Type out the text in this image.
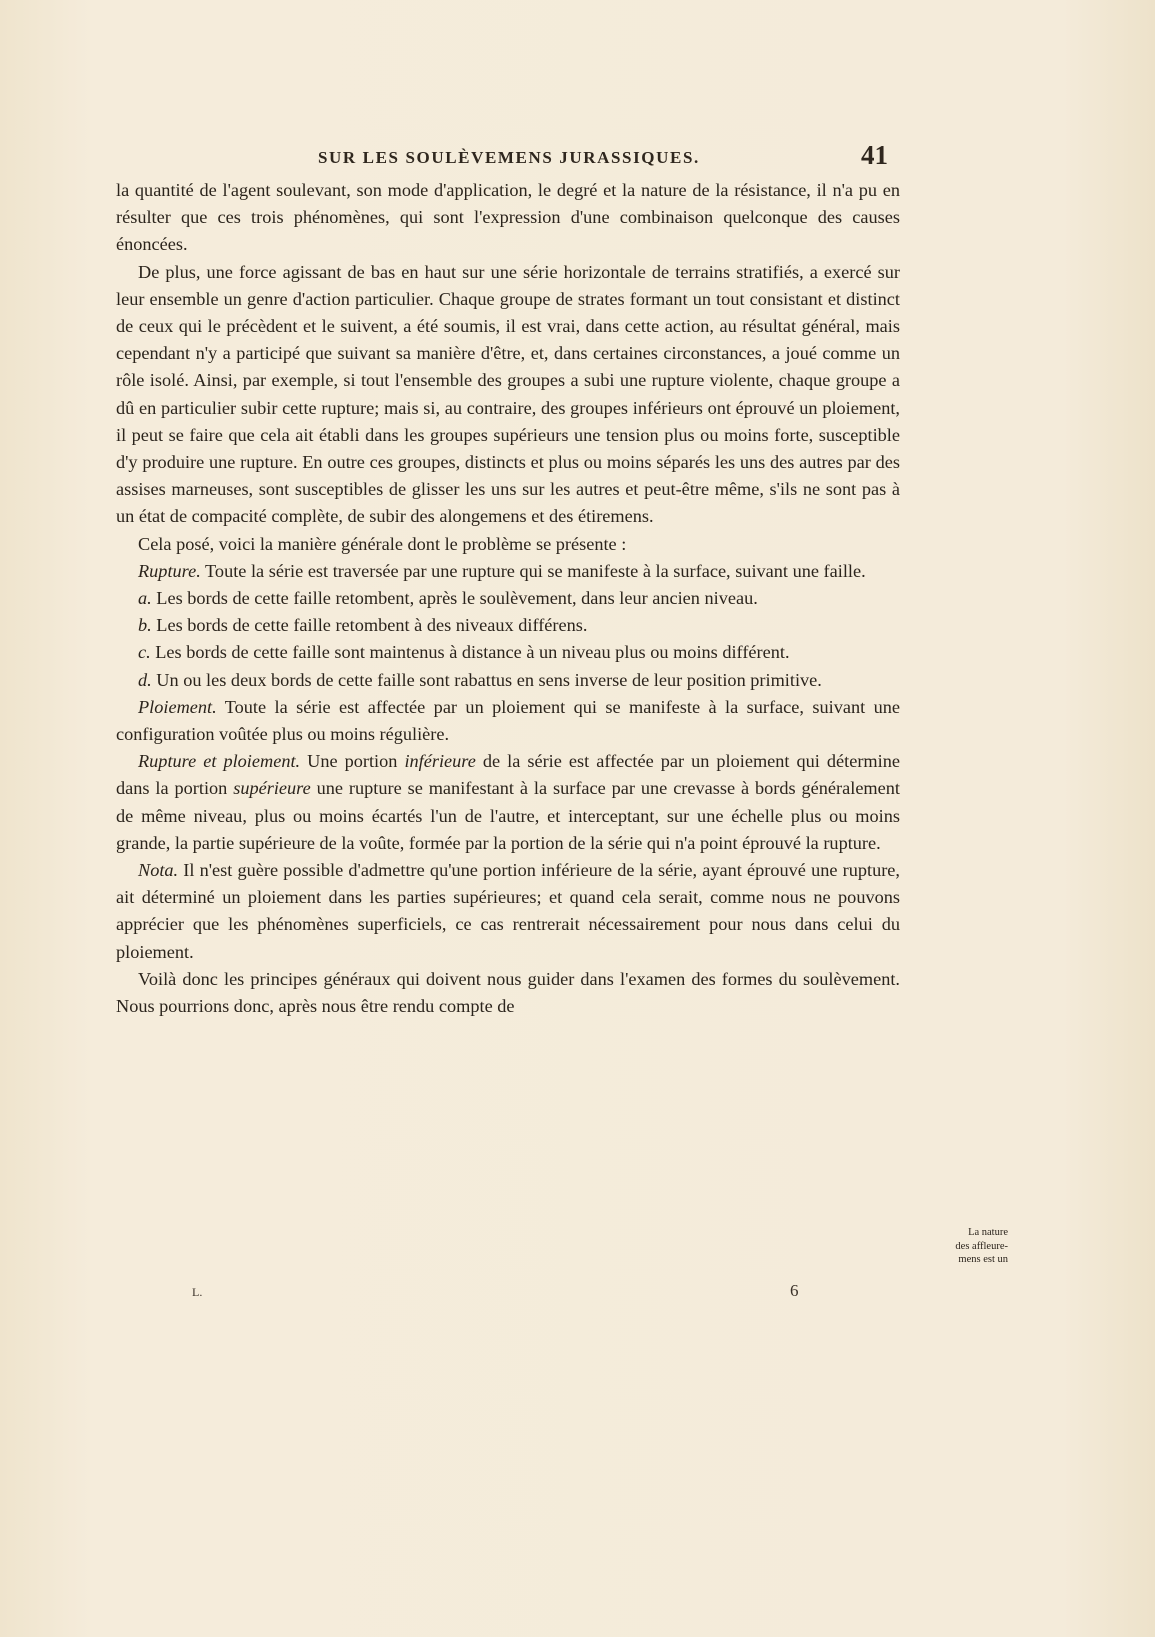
SUR LES SOULÈVEMENS JURASSIQUES.	41

la quantité de l'agent soulevant, son mode d'application, le degré et la nature de la résistance, il n'a pu en résulter que ces trois phénomènes, qui sont l'expression d'une combinaison quelconque des causes énoncées.

De plus, une force agissant de bas en haut sur une série horizontale de terrains stratifiés, a exercé sur leur ensemble un genre d'action particulier. Chaque groupe de strates formant un tout consistant et distinct de ceux qui le précèdent et le suivent, a été soumis, il est vrai, dans cette action, au résultat général, mais cependant n'y a participé que suivant sa manière d'être, et, dans certaines circonstances, a joué comme un rôle isolé. Ainsi, par exemple, si tout l'ensemble des groupes a subi une rupture violente, chaque groupe a dû en particulier subir cette rupture; mais si, au contraire, des groupes inférieurs ont éprouvé un ploiement, il peut se faire que cela ait établi dans les groupes supérieurs une tension plus ou moins forte, susceptible d'y produire une rupture. En outre ces groupes, distincts et plus ou moins séparés les uns des autres par des assises marneuses, sont susceptibles de glisser les uns sur les autres et peut-être même, s'ils ne sont pas à un état de compacité complète, de subir des alongemens et des étiremens.

Cela posé, voici la manière générale dont le problème se présente :

Rupture. Toute la série est traversée par une rupture qui se manifeste à la surface, suivant une faille.

a. Les bords de cette faille retombent, après le soulèvement, dans leur ancien niveau.

b. Les bords de cette faille retombent à des niveaux différens.

c. Les bords de cette faille sont maintenus à distance à un niveau plus ou moins différent.

d. Un ou les deux bords de cette faille sont rabattus en sens inverse de leur position primitive.

Ploiement. Toute la série est affectée par un ploiement qui se manifeste à la surface, suivant une configuration voûtée plus ou moins régulière.

Rupture et ploiement. Une portion inférieure de la série est affectée par un ploiement qui détermine dans la portion supérieure une rupture se manifestant à la surface par une crevasse à bords généralement de même niveau, plus ou moins écartés l'un de l'autre, et interceptant, sur une échelle plus ou moins grande, la partie supérieure de la voûte, formée par la portion de la série qui n'a point éprouvé la rupture.

Nota. Il n'est guère possible d'admettre qu'une portion inférieure de la série, ayant éprouvé une rupture, ait déterminé un ploiement dans les parties supérieures; et quand cela serait, comme nous ne pouvons apprécier que les phénomènes superficiels, ce cas rentrerait nécessairement pour nous dans celui du ploiement.

Voilà donc les principes généraux qui doivent nous guider dans l'examen des formes du soulèvement. Nous pourrions donc, après nous être rendu compte de

La nature
des affleure-
mens est un
L.	6
